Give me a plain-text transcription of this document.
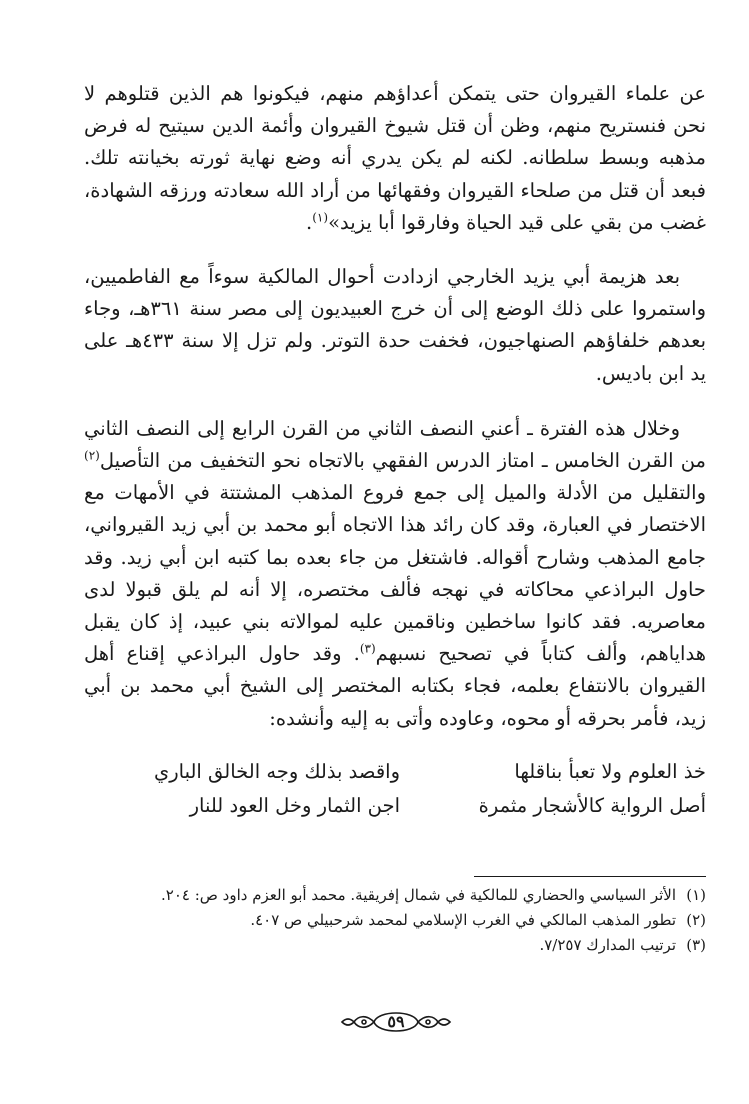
عن علماء القيروان حتى يتمكن أعداؤهم منهم، فيكونوا هم الذين قتلوهم لا نحن فنستريح منهم، وظن أن قتل شيوخ القيروان وأئمة الدين سيتيح له فرض مذهبه وبسط سلطانه. لكنه لم يكن يدري أنه وضع نهاية ثورته بخيانته تلك. فبعد أن قتل من صلحاء القيروان وفقهائها من أراد الله سعادته ورزقه الشهادة، غضب من بقي على قيد الحياة وفارقوا أبا يزيد»$^{(١)}$.

بعد هزيمة أبي يزيد الخارجي ازدادت أحوال المالكية سوءاً مع الفاطميين، واستمروا على ذلك الوضع إلى أن خرج العبيديون إلى مصر سنة ٣٦١هـ، وجاء بعدهم خلفاؤهم الصنهاجيون، فخفت حدة التوتر. ولم تزل إلا سنة ٤٣٣هـ على يد ابن باديس.

وخلال هذه الفترة ـ أعني النصف الثاني من القرن الرابع إلى النصف الثاني من القرن الخامس ـ امتاز الدرس الفقهي بالاتجاه نحو التخفيف من التأصيل$^{(٢)}$ والتقليل من الأدلة والميل إلى جمع فروع المذهب المشتتة في الأمهات مع الاختصار في العبارة، وقد كان رائد هذا الاتجاه أبو محمد بن أبي زيد القيرواني، جامع المذهب وشارح أقواله. فاشتغل من جاء بعده بما كتبه ابن أبي زيد. وقد حاول البراذعي محاكاته في نهجه فألف مختصره، إلا أنه لم يلق قبولا لدى معاصريه. فقد كانوا ساخطين وناقمين عليه لموالاته بني عبيد، إذ كان يقبل هداياهم، وألف كتاباً في تصحيح نسبهم$^{(٣)}$. وقد حاول البراذعي إقناع أهل القيروان بالانتفاع بعلمه، فجاء بكتابه المختصر إلى الشيخ أبي محمد بن أبي زيد، فأمر بحرقه أو محوه، وعاوده وأتى به إليه وأنشده:

خذ العلوم ولا تعبأ بناقلها
واقصد بذلك وجه الخالق الباري
أصل الرواية كالأشجار مثمرة
اجن الثمار وخل العود للنار
(١)
الأثر السياسي والحضاري للمالكية في شمال إفريقية. محمد أبو العزم داود ص: ٢٠٤.
(٢)
تطور المذهب المالكي في الغرب الإسلامي لمحمد شرحبيلي ص ٤٠٧.
(٣)
ترتيب المدارك ٧/٢٥٧.
٥٩
